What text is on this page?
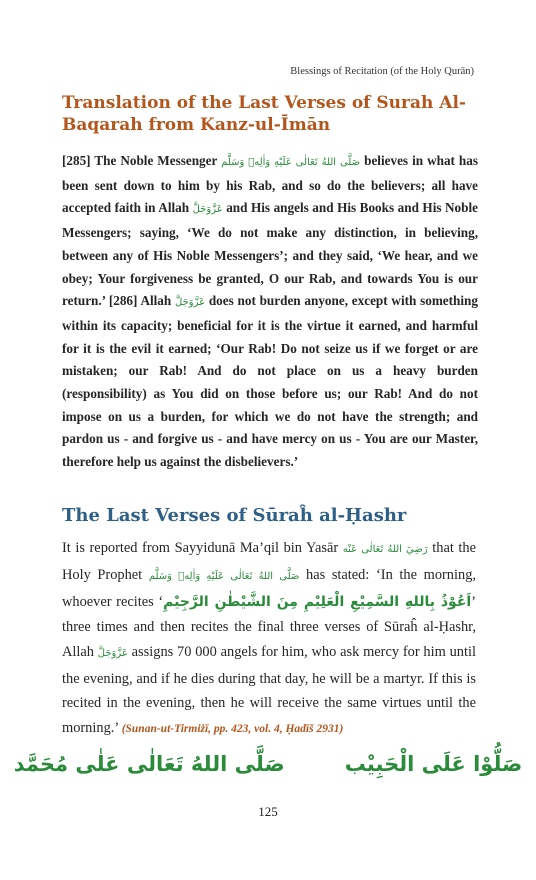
Blessings of Recitation (of the Holy Qurān)
Translation of the Last Verses of Surah Al-Baqarah from Kanz-ul-Īmān
[285] The Noble Messenger صَلَّى اللهُ تَعَالٰى عَلَيْهِ وَاٰلِهٖ وَسَلَّم believes in what has been sent down to him by his Rab, and so do the believers; all have accepted faith in Allah عَزَّوَجَلَّ and His angels and His Books and His Noble Messengers; saying, ‘We do not make any distinction, in believing, between any of His Noble Messengers’; and they said, ‘We hear, and we obey; Your forgiveness be granted, O our Rab, and towards You is our return.’ [286] Allah عَزَّوَجَلَّ does not burden anyone, except with something within its capacity; beneficial for it is the virtue it earned, and harmful for it is the evil it earned; ‘Our Rab! Do not seize us if we forget or are mistaken; our Rab! And do not place on us a heavy burden (responsibility) as You did on those before us; our Rab! And do not impose on us a burden, for which we do not have the strength; and pardon us - and forgive us - and have mercy on us - You are our Master, therefore help us against the disbelievers.’
The Last Verses of Sūraĥ al-Ḥashr
It is reported from Sayyidunā Ma’qil bin Yasār رَضِيَ اللهُ تَعَالٰى عَنْه that the Holy Prophet صَلَّى اللهُ تَعَالٰى عَلَيْهِ وَاٰلِهٖ وَسَلَّم has stated: ‘In the morning, whoever recites ‘اَعُوْذُ بِاللهِ السَّمِيْعِ الْعَلِيْمِ مِنَ الشَّيْطٰنِ الرَّجِيْمِ’ three times and then recites the final three verses of Sūraĥ al-Ḥashr, Allah عَزَّوَجَلَّ assigns 70 000 angels for him, who ask mercy for him until the evening, and if he dies during that day, he will be a martyr. If this is recited in the evening, then he will receive the same virtues until the morning.’ (Sunan-ut-Tirmiżī, pp. 423, vol. 4, Ḥadīš 2931)
صَلَّى اللهُ تَعَالٰى عَلٰى مُحَمَّد	صَلُّوْا عَلَى الْحَبِيْب
125
